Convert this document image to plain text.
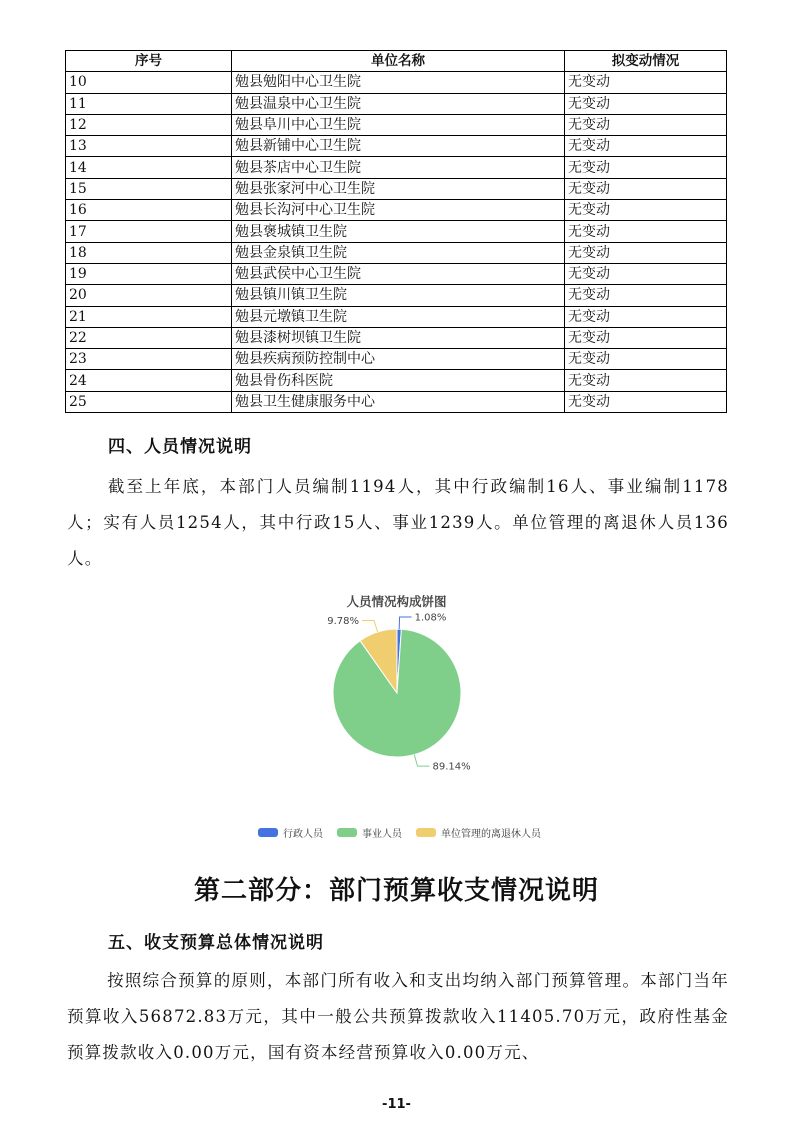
序号	单位名称	拟变动情况
10	勉县勉阳中心卫生院	无变动
11	勉县温泉中心卫生院	无变动
12	勉县阜川中心卫生院	无变动
13	勉县新铺中心卫生院	无变动
14	勉县茶店中心卫生院	无变动
15	勉县张家河中心卫生院	无变动
16	勉县长沟河中心卫生院	无变动
17	勉县褒城镇卫生院	无变动
18	勉县金泉镇卫生院	无变动
19	勉县武侯中心卫生院	无变动
20	勉县镇川镇卫生院	无变动
21	勉县元墩镇卫生院	无变动
22	勉县漆树坝镇卫生院	无变动
23	勉县疾病预防控制中心	无变动
24	勉县骨伤科医院	无变动
25	勉县卫生健康服务中心	无变动
四、人员情况说明

截至上年底，本部门人员编制1194人，其中行政编制16人、事业编制1178人；实有人员1254人，其中行政15人、事业1239人。单位管理的离退休人员136人。

人员情况构成饼图
1.08%
89.14%
9.78%
行政人员	事业人员	单位管理的离退休人员
第二部分：部门预算收支情况说明
五、收支预算总体情况说明

按照综合预算的原则，本部门所有收入和支出均纳入部门预算管理。本部门当年预算收入56872.83万元，其中一般公共预算拨款收入11405.70万元，政府性基金预算拨款收入0.00万元，国有资本经营预算收入0.00万元、

-11-
